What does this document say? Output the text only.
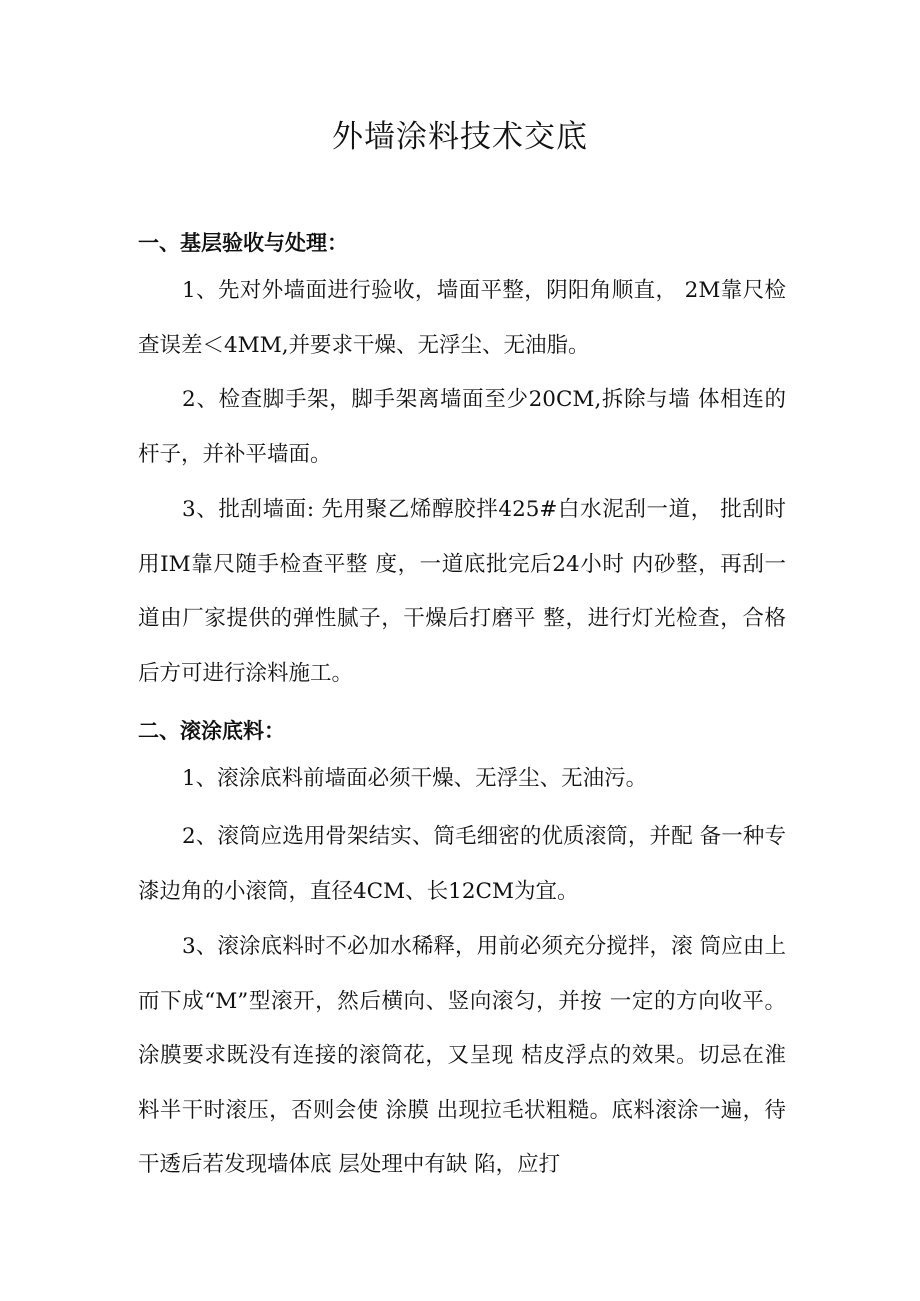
外墙涂料技术交底
一、基层验收与处理：

1、先对外墙面进行验收，墙面平整，阴阳角顺直， 2M靠尺检查误差＜4MM,并要求干燥、无浮尘、无油脂。

2、检查脚手架，脚手架离墙面至少20CM,拆除与墙 体相连的杆子，并补平墙面。

3、批刮墙面: 先用聚乙烯醇胶拌425#白水泥刮一道， 批刮时用IM靠尺随手检查平整 度，一道底批完后24小时 内砂整，再刮一道由厂家提供的弹性腻子，干燥后打磨平 整，进行灯光检查，合格后方可进行涂料施工。

二、滚涂底料：

1、滚涂底料前墙面必须干燥、无浮尘、无油污。

2、滚筒应选用骨架结实、筒毛细密的优质滚筒，并配 备一种专漆边角的小滚筒，直径4CM、长12CM为宜。

3、滚涂底料时不必加水稀释，用前必须充分搅拌，滚 筒应由上而下成“M”型滚开，然后横向、竖向滚匀，并按 一定的方向收平。涂膜要求既没有连接的滚筒花，又呈现 桔皮浮点的效果。切忌在淮料半干时滚压，否则会使 涂膜 出现拉毛状粗糙。底料滚涂一遍，待干透后若发现墙体底 层处理中有缺 陷，应打
